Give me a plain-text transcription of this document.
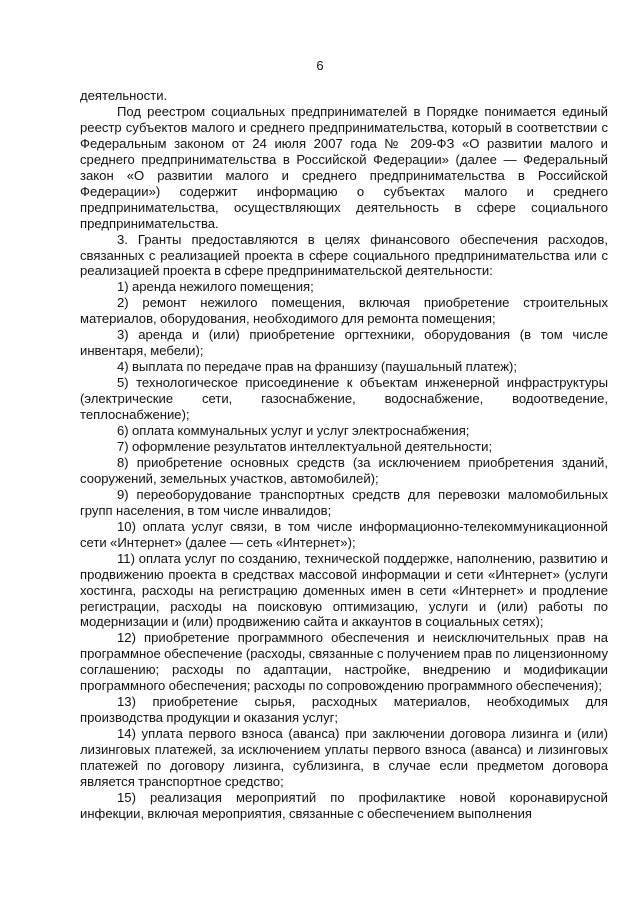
6

деятельности.

Под реестром социальных предпринимателей в Порядке понимается единый реестр субъектов малого и среднего предпринимательства, который в соответствии с Федеральным законом от 24 июля 2007 года № 209-ФЗ «О развитии малого и среднего предпринимательства в Российской Федерации» (далее — Федеральный закон «О развитии малого и среднего предпринимательства в Российской Федерации») содержит информацию о субъектах малого и среднего предпринимательства, осуществляющих деятельность в сфере социального предпринимательства.

3. Гранты предоставляются в целях финансового обеспечения расходов, связанных с реализацией проекта в сфере социального предпринимательства или с реализацией проекта в сфере предпринимательской деятельности:

1) аренда нежилого помещения;

2) ремонт нежилого помещения, включая приобретение строительных материалов, оборудования, необходимого для ремонта помещения;

3) аренда и (или) приобретение оргтехники, оборудования (в том числе инвентаря, мебели);

4) выплата по передаче прав на франшизу (паушальный платеж);

5) технологическое присоединение к объектам инженерной инфраструктуры (электрические сети, газоснабжение, водоснабжение, водоотведение, теплоснабжение);

6) оплата коммунальных услуг и услуг электроснабжения;

7) оформление результатов интеллектуальной деятельности;

8) приобретение основных средств (за исключением приобретения зданий, сооружений, земельных участков, автомобилей);

9) переоборудование транспортных средств для перевозки маломобильных групп населения, в том числе инвалидов;

10) оплата услуг связи, в том числе информационно-телекоммуникационной сети «Интернет» (далее — сеть «Интернет»);

11) оплата услуг по созданию, технической поддержке, наполнению, развитию и продвижению проекта в средствах массовой информации и сети «Интернет» (услуги хостинга, расходы на регистрацию доменных имен в сети «Интернет» и продление регистрации, расходы на поисковую оптимизацию, услуги и (или) работы по модернизации и (или) продвижению сайта и аккаунтов в социальных сетях);

12) приобретение программного обеспечения и неисключительных прав на программное обеспечение (расходы, связанные с получением прав по лицензионному соглашению; расходы по адаптации, настройке, внедрению и модификации программного обеспечения; расходы по сопровождению программного обеспечения);

13) приобретение сырья, расходных материалов, необходимых для производства продукции и оказания услуг;

14) уплата первого взноса (аванса) при заключении договора лизинга и (или) лизинговых платежей, за исключением уплаты первого взноса (аванса) и лизинговых платежей по договору лизинга, сублизинга, в случае если предметом договора является транспортное средство;

15) реализация мероприятий по профилактике новой коронавирусной инфекции, включая мероприятия, связанные с обеспечением выполнения
